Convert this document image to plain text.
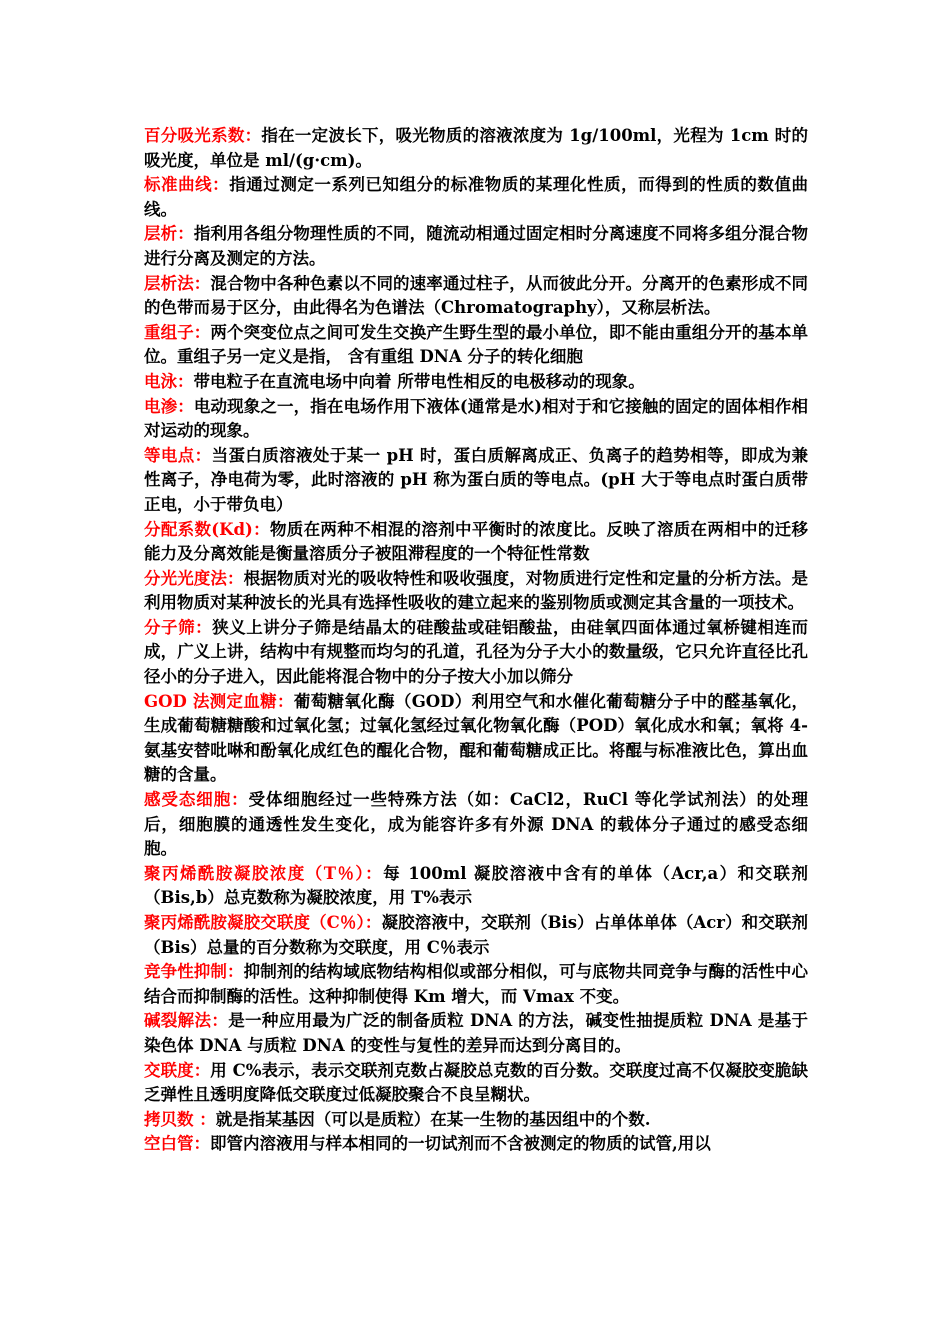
百分吸光系数：指在一定波长下，吸光物质的溶液浓度为 1g/100ml，光程为 1cm 时的吸光度，单位是 ml/(g·cm)。

标准曲线：指通过测定一系列已知组分的标准物质的某理化性质，而得到的性质的数值曲线。

层析：指利用各组分物理性质的不同，随流动相通过固定相时分离速度不同将多组分混合物进行分离及测定的方法。

层析法：混合物中各种色素以不同的速率通过柱子，从而彼此分开。分离开的色素形成不同的色带而易于区分，由此得名为色谱法（Chromatography），又称层析法。

重组子：两个突变位点之间可发生交换产生野生型的最小单位，即不能由重组分开的基本单位。重组子另一定义是指， 含有重组 DNA 分子的转化细胞

电泳：带电粒子在直流电场中向着 所带电性相反的电极移动的现象。

电渗：电动现象之一，指在电场作用下液体(通常是水)相对于和它接触的固定的固体相作相对运动的现象。

等电点：当蛋白质溶液处于某一 pH 时，蛋白质解离成正、负离子的趋势相等，即成为兼性离子，净电荷为零，此时溶液的 pH 称为蛋白质的等电点。(pH 大于等电点时蛋白质带正电，小于带负电）

分配系数(Kd)：物质在两种不相混的溶剂中平衡时的浓度比。反映了溶质在两相中的迁移能力及分离效能是衡量溶质分子被阻滞程度的一个特征性常数

分光光度法：根据物质对光的吸收特性和吸收强度，对物质进行定性和定量的分析方法。是利用物质对某种波长的光具有选择性吸收的建立起来的鉴别物质或测定其含量的一项技术。

分子筛：狭义上讲分子筛是结晶太的硅酸盐或硅铝酸盐，由硅氧四面体通过氧桥键相连而成，广义上讲，结构中有规整而均匀的孔道，孔径为分子大小的数量级，它只允许直径比孔径小的分子进入，因此能将混合物中的分子按大小加以筛分

GOD 法测定血糖：葡萄糖氧化酶（GOD）利用空气和水催化葡萄糖分子中的醛基氧化，生成葡萄糖糖酸和过氧化氢；过氧化氢经过氧化物氧化酶（POD）氧化成水和氧；氧将 4-氨基安替吡啉和酚氧化成红色的醌化合物，醌和葡萄糖成正比。将醌与标准液比色，算出血糖的含量。

感受态细胞：受体细胞经过一些特殊方法（如：CaCl2，RuCl 等化学试剂法）的处理后，细胞膜的通透性发生变化，成为能容许多有外源 DNA 的载体分子通过的感受态细胞。

聚丙烯酰胺凝胶浓度（T％）：每 100ml 凝胶溶液中含有的单体（Acr,a）和交联剂（Bis,b）总克数称为凝胶浓度，用 T%表示

聚丙烯酰胺凝胶交联度（C％）：凝胶溶液中，交联剂（Bis）占单体单体（Acr）和交联剂（Bis）总量的百分数称为交联度，用 C％表示

竞争性抑制：抑制剂的结构域底物结构相似或部分相似，可与底物共同竞争与酶的活性中心结合而抑制酶的活性。这种抑制使得 Km 增大，而 Vmax 不变。

碱裂解法：是一种应用最为广泛的制备质粒 DNA 的方法，碱变性抽提质粒 DNA 是基于染色体 DNA 与质粒 DNA 的变性与复性的差异而达到分离目的。

交联度：用 C%表示，表示交联剂克数占凝胶总克数的百分数。交联度过高不仅凝胶变脆缺乏弹性且透明度降低交联度过低凝胶聚合不良呈糊状。

拷贝数 ：就是指某基因（可以是质粒）在某一生物的基因组中的个数.

空白管：即管内溶液用与样本相同的一切试剂而不含被测定的物质的试管,用以
